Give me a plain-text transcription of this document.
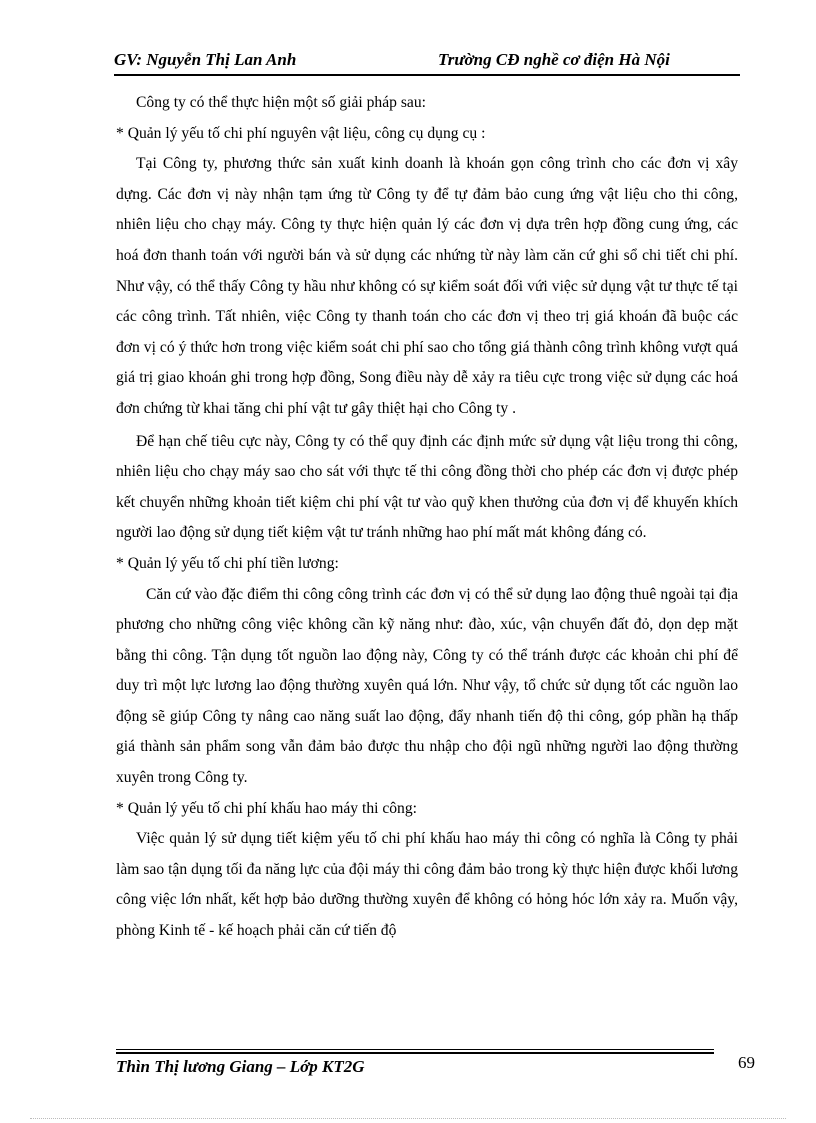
GV: Nguyễn Thị Lan Anh	Trường CĐ nghề cơ điện Hà Nội

Công ty có thể thực hiện một số giải pháp sau:

* Quản lý yếu tố chi phí nguyên vật liệu, công cụ dụng cụ :

Tại Công ty, phương thức sản xuất kinh doanh là khoán gọn công trình cho các đơn vị xây dựng. Các đơn vị này nhận tạm ứng từ Công ty để tự đảm bảo cung ứng vật liệu cho thi công, nhiên liệu cho chạy máy. Công ty thực hiện quản lý các đơn vị dựa trên hợp đồng cung ứng, các hoá đơn thanh toán với người bán và sử dụng các nhứng từ này làm căn cứ ghi sổ chi tiết chi phí. Như vậy, có thể thấy Công ty hầu như không có sự kiểm soát đối vứi việc sử dụng vật tư thực tế tại các công trình. Tất nhiên, việc Công ty thanh toán cho các đơn vị theo trị giá khoán đã buộc các đơn vị có ý thức hơn trong việc kiểm soát chi phí sao cho tổng giá thành công trình không vượt quá giá trị giao khoán ghi trong hợp đồng, Song điều này dễ xảy ra tiêu cực trong việc sử dụng các hoá đơn chứng từ khai tăng chi phí vật tư gây thiệt hại cho Công ty .

Để hạn chế tiêu cực này, Công ty có thể quy định các định mức sử dụng vật liệu trong thi công, nhiên liệu cho chạy máy sao cho sát với thực tế thi công đồng thời cho phép các đơn vị được phép kết chuyển những khoản tiết kiệm chi phí vật tư vào quỹ khen thưởng của đơn vị để khuyến khích người lao động sử dụng tiết kiệm vật tư tránh những hao phí mất mát không đáng có.

* Quản lý yếu tố chi phí tiền lương:

Căn cứ vào đặc điểm thi công công trình các đơn vị có thể sử dụng lao động thuê ngoài tại địa phương cho những công việc không cần kỹ năng như: đào, xúc, vận chuyển đất đỏ, dọn dẹp mặt bằng thi công. Tận dụng tốt nguồn lao động này, Công ty có thể tránh được các khoản chi phí để duy trì một lực lương lao động thường xuyên quá lớn. Như vậy, tổ chức sử dụng tốt các nguồn lao động sẽ giúp Công ty nâng cao năng suất lao động, đẩy nhanh tiến độ thi công, góp phần hạ thấp giá thành sản phẩm song vẫn đảm bảo được thu nhập cho đội ngũ những người lao động thường xuyên trong Công ty.

* Quản lý yếu tố chi phí khấu hao máy thi công:

Việc quản lý sử dụng tiết kiệm yếu tố chi phí khấu hao máy thi công có nghĩa là Công ty phải làm sao tận dụng tối đa năng lực của đội máy thi công đảm bảo trong kỳ thực hiện được khối lương công việc lớn nhất, kết hợp bảo dưỡng thường xuyên để không có hỏng hóc lớn xảy ra. Muốn vậy, phòng Kinh tế - kế hoạch phải căn cứ tiến độ

Thìn Thị lương Giang – Lớp KT2G	69
